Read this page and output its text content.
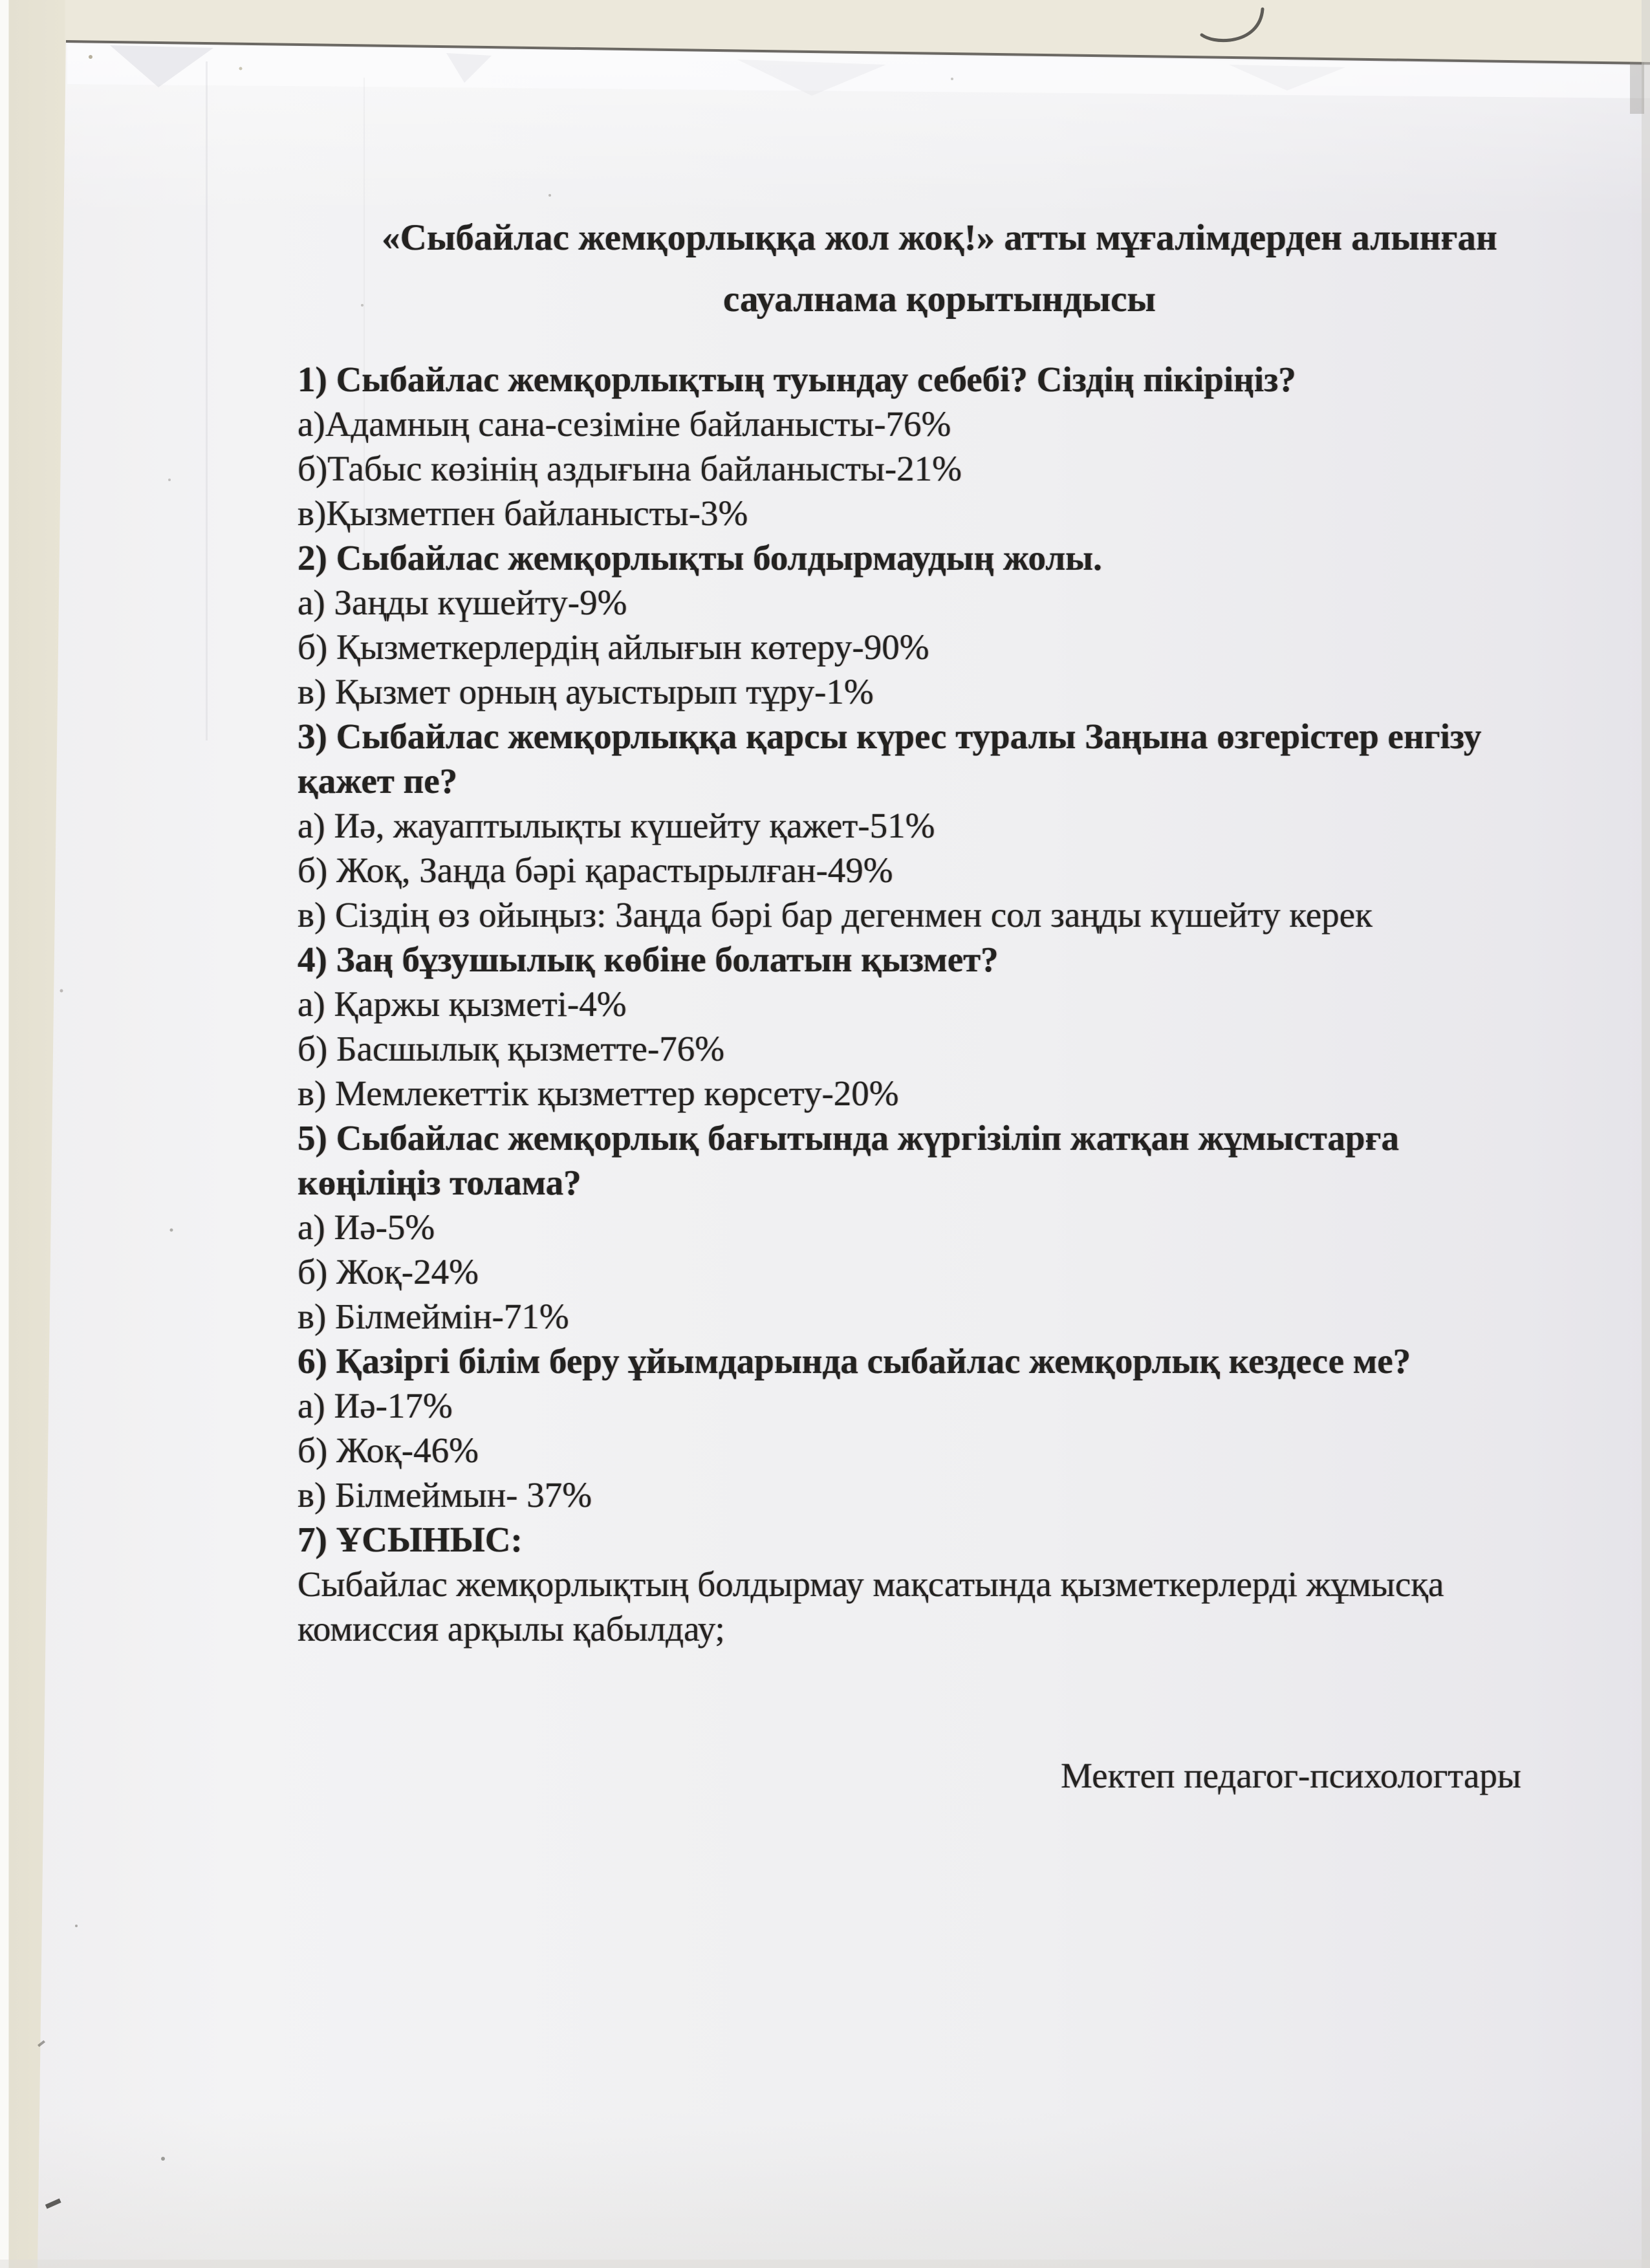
«Сыбайлас жемқорлыққа жол жоқ!» атты мұғалімдерден алынған
сауалнама қорытындысы
1) Сыбайлас жемқорлықтың туындау себебі? Сіздің пікіріңіз?
а)Адамның сана-сезіміне байланысты-76%
б)Табыс көзінің аздығына байланысты-21%
в)Қызметпен байланысты-3%
2) Сыбайлас жемқорлықты болдырмаудың жолы.
а) Заңды күшейту-9%
б) Қызметкерлердің айлығын көтеру-90%
в) Қызмет орның ауыстырып тұру-1%
3) Сыбайлас жемқорлыққа қарсы күрес туралы Заңына өзгерістер енгізу
қажет пе?
а) Иә, жауаптылықты күшейту қажет-51%
б) Жоқ, Заңда бәрі қарастырылған-49%
в) Сіздің өз ойыңыз: Заңда бәрі бар дегенмен сол заңды күшейту керек
4) Заң бұзушылық көбіне болатын қызмет?
а) Қаржы қызметі-4%
б) Басшылық қызметте-76%
в) Мемлекеттік қызметтер көрсету-20%
5) Сыбайлас жемқорлық бағытында жүргізіліп жатқан жұмыстарға
көңіліңіз толама?
а) Иә-5%
б) Жоқ-24%
в) Білмеймін-71%
6) Қазіргі білім беру ұйымдарында сыбайлас жемқорлық кездесе ме?
а) Иә-17%
б) Жоқ-46%
в) Білмеймын- 37%
7) ҰСЫНЫС:
Сыбайлас жемқорлықтың болдырмау мақсатында қызметкерлерді жұмысқа
комиссия арқылы қабылдау;
Мектеп педагог-психологтары
